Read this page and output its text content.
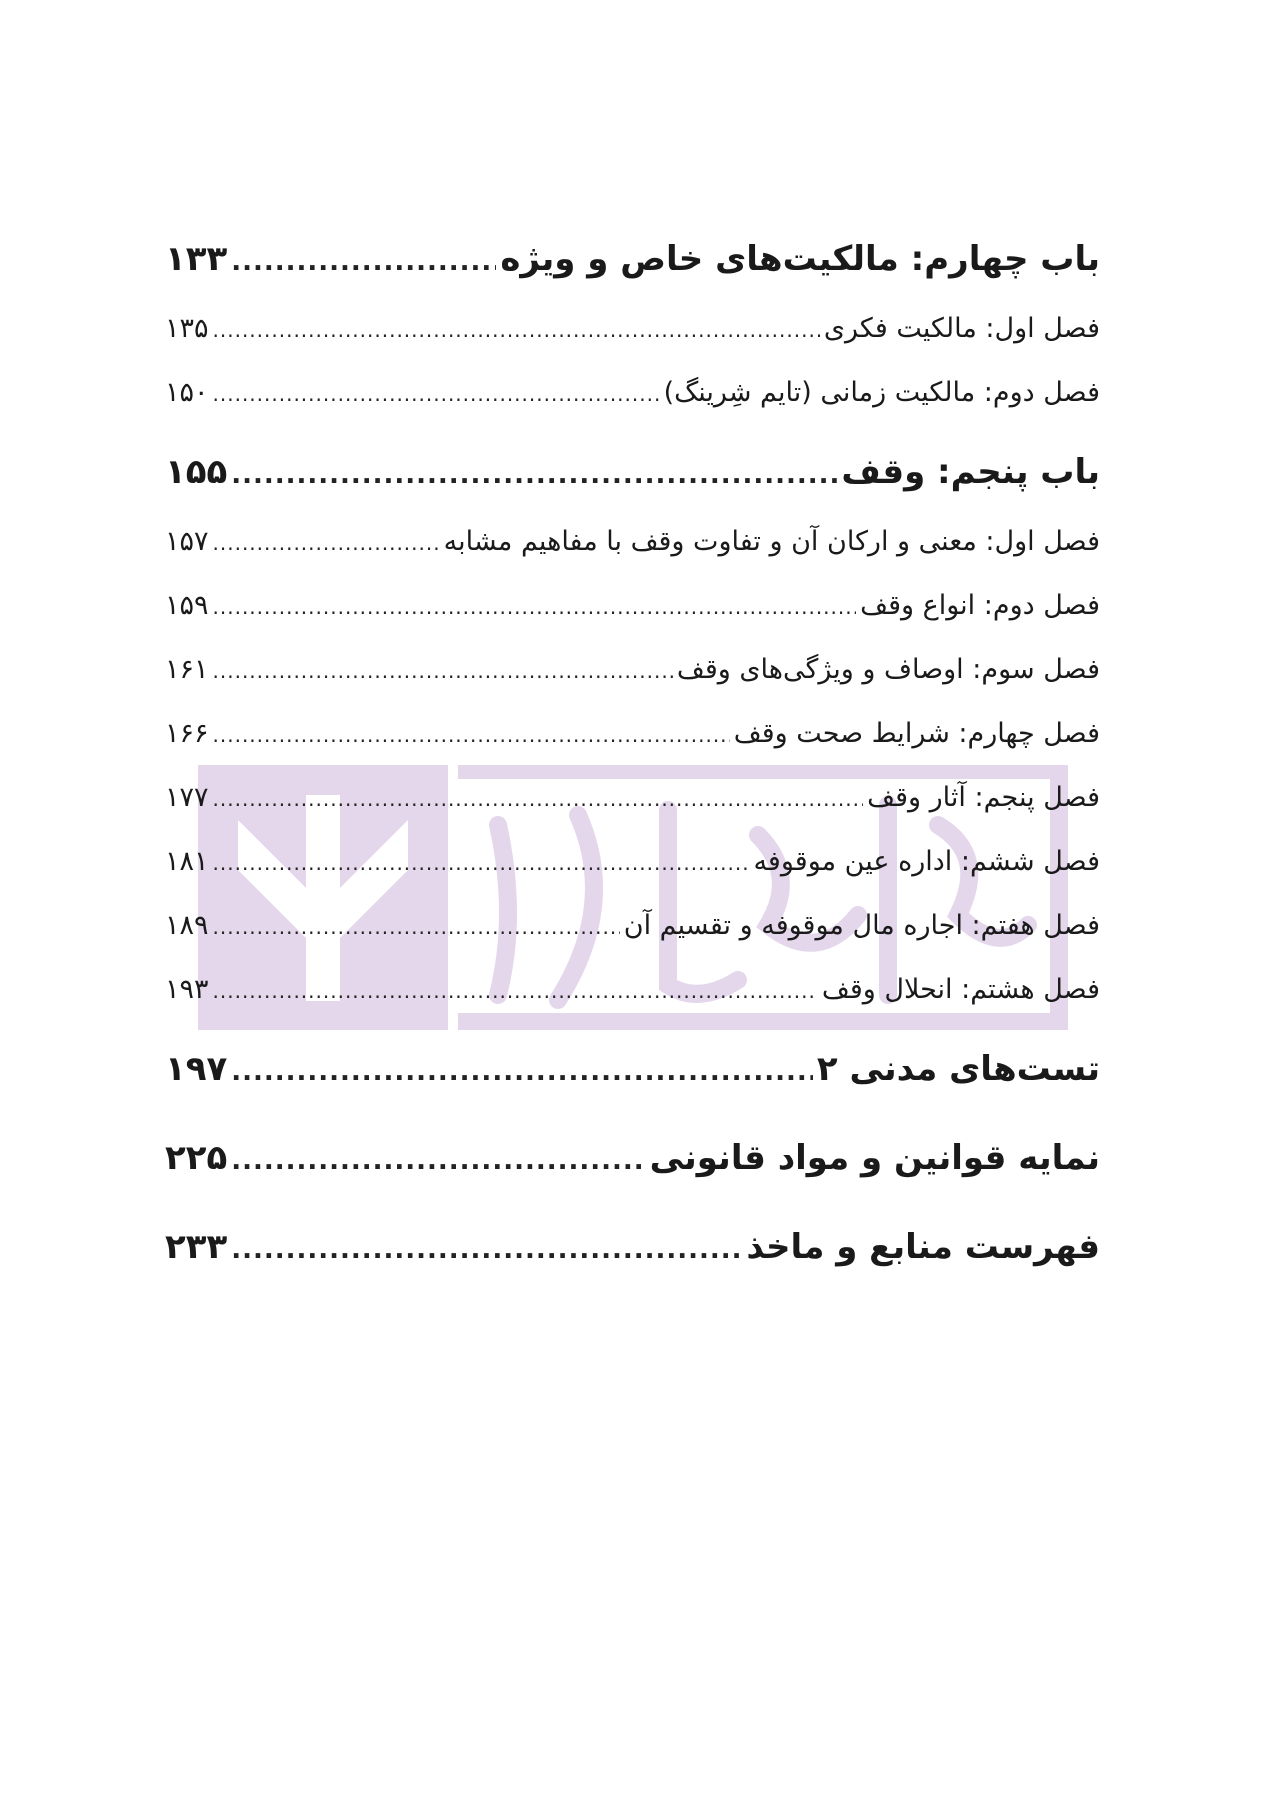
باب چهارم: مالکیت‌های خاص و ویژه
.....
۱۳۳
فصل اول: مالکیت فکری
.....
۱۳۵
فصل دوم: مالکیت زمانی (تایم شِرینگ)
.....
۱۵۰
باب پنجم: وقف
.....
۱۵۵
فصل اول: معنی و ارکان آن و تفاوت وقف با مفاهیم مشابه
.....
۱۵۷
فصل دوم: انواع وقف
.....
۱۵۹
فصل سوم: اوصاف و ویژگی‌های وقف
.....
۱۶۱
فصل چهارم: شرایط صحت وقف
.....
۱۶۶
فصل پنجم: آثار وقف
.....
۱۷۷
فصل ششم: اداره عین موقوفه
.....
۱۸۱
فصل هفتم: اجاره مال موقوفه و تقسیم آن
.....
۱۸۹
فصل هشتم: انحلال وقف
.....
۱۹۳
تست‌های مدنی ۲
.....
۱۹۷
نمایه قوانین و مواد قانونی
.....
۲۲۵
فهرست منابع و ماخذ
.....
۲۳۳
